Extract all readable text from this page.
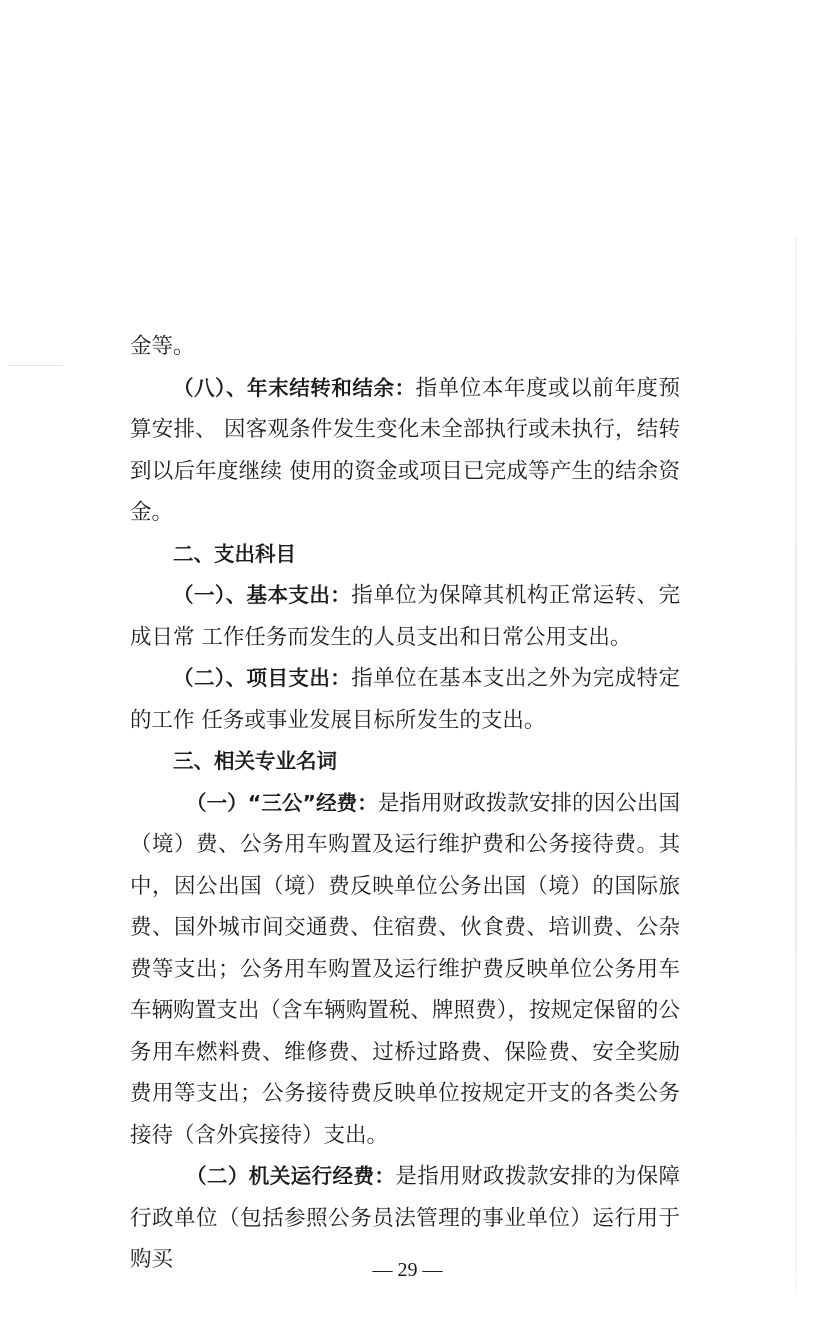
金等。

（八）、年末结转和结余：指单位本年度或以前年度预算安排、 因客观条件发生变化未全部执行或未执行，结转到以后年度继续 使用的资金或项目已完成等产生的结余资金。

二、支出科目

（一）、基本支出：指单位为保障其机构正常运转、完成日常 工作任务而发生的人员支出和日常公用支出。

（二）、项目支出：指单位在基本支出之外为完成特定的工作 任务或事业发展目标所发生的支出。

三、相关专业名词

（一）“三公”经费：是指用财政拨款安排的因公出国（境）费、公务用车购置及运行维护费和公务接待费。其中，因公出国（境）费反映单位公务出国（境）的国际旅费、国外城市间交通费、住宿费、伙食费、培训费、公杂费等支出；公务用车购置及运行维护费反映单位公务用车车辆购置支出（含车辆购置税、牌照费），按规定保留的公务用车燃料费、维修费、过桥过路费、保险费、安全奖励费用等支出；公务接待费反映单位按规定开支的各类公务接待（含外宾接待）支出。

（二）机关运行经费：是指用财政拨款安排的为保障行政单位（包括参照公务员法管理的事业单位）运行用于购买	— 29 —
